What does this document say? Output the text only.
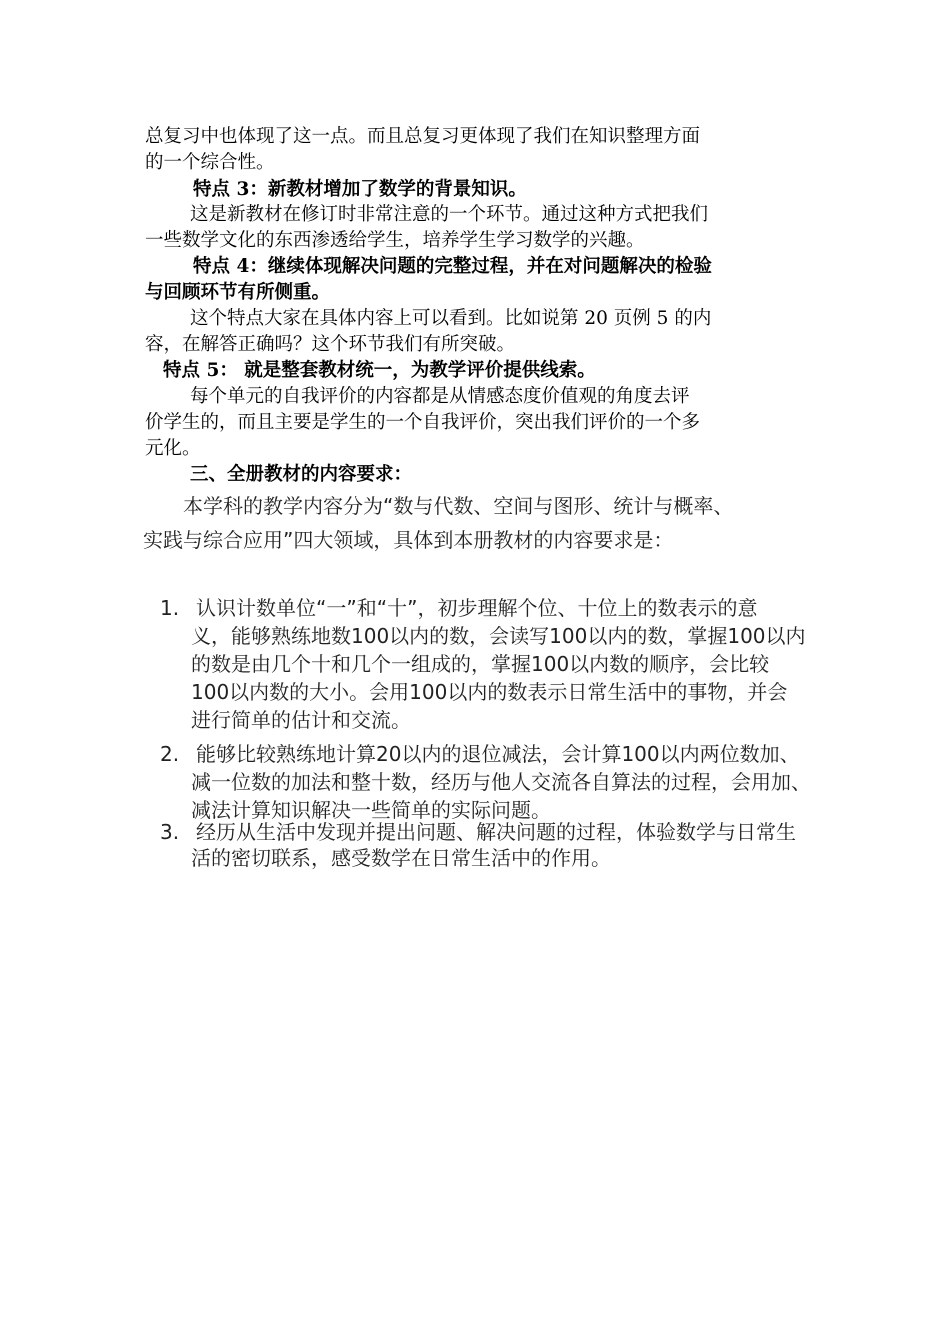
总复习中也体现了这一点。而且总复习更体现了我们在知识整理方面
的一个综合性。
特点 3：新教材增加了数学的背景知识。
这是新教材在修订时非常注意的一个环节。通过这种方式把我们
一些数学文化的东西渗透给学生，培养学生学习数学的兴趣。
特点 4：继续体现解决问题的完整过程，并在对问题解决的检验
与回顾环节有所侧重。
这个特点大家在具体内容上可以看到。比如说第 20 页例 5 的内
容，在解答正确吗？这个环节我们有所突破。
特点 5： 就是整套教材统一，为教学评价提供线索。
每个单元的自我评价的内容都是从情感态度价值观的角度去评
价学生的，而且主要是学生的一个自我评价，突出我们评价的一个多
元化。
三、全册教材的内容要求：
本学科的教学内容分为“数与代数、空间与图形、统计与概率、
实践与综合应用”四大领域，具体到本册教材的内容要求是：
1. 认识计数单位“一”和“十”，初步理解个位、十位上的数表示的意
义，能够熟练地数100以内的数，会读写100以内的数，掌握100以内
的数是由几个十和几个一组成的，掌握100以内数的顺序，会比较
100以内数的大小。会用100以内的数表示日常生活中的事物，并会
进行简单的估计和交流。
2. 能够比较熟练地计算20以内的退位减法，会计算100以内两位数加、
减一位数的加法和整十数，经历与他人交流各自算法的过程，会用加、
减法计算知识解决一些简单的实际问题。
3. 经历从生活中发现并提出问题、解决问题的过程，体验数学与日常生
活的密切联系，感受数学在日常生活中的作用。
